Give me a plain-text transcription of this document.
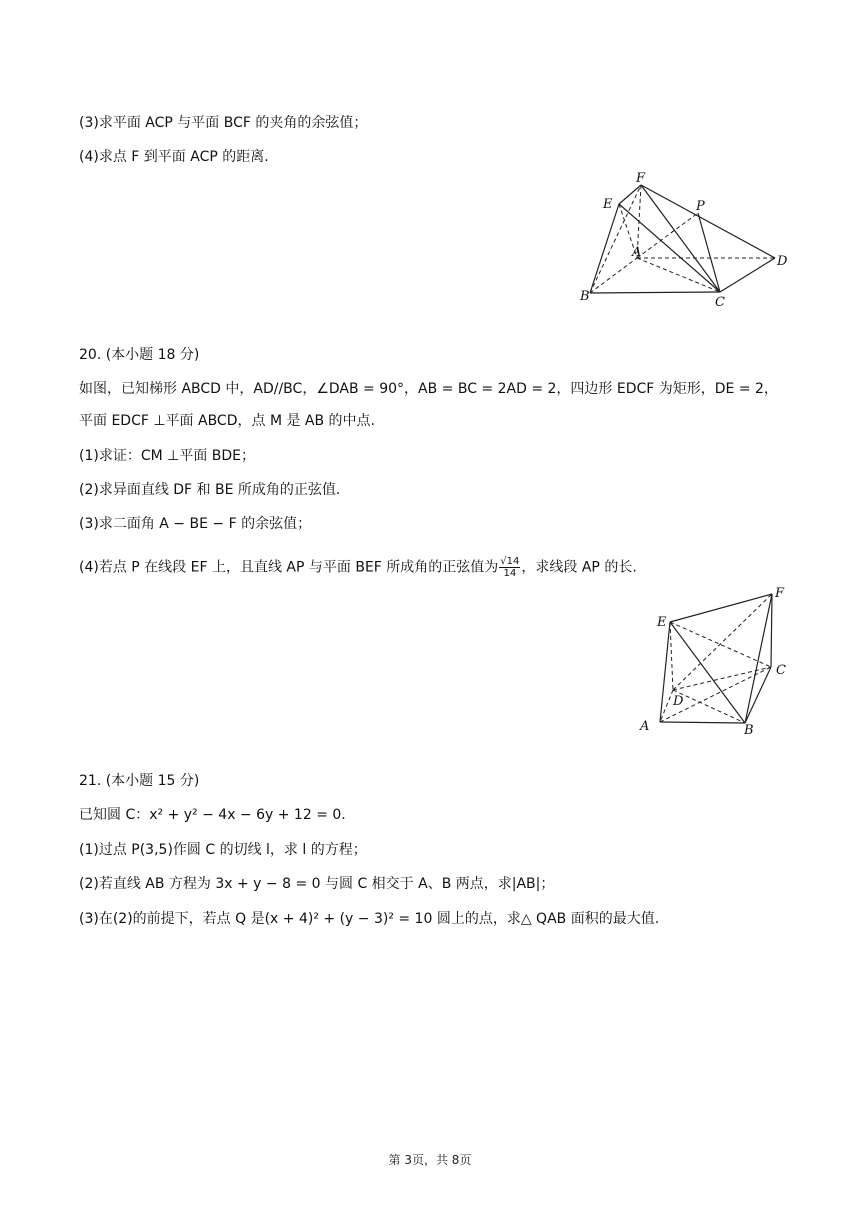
(3)求平面 ACP 与平面 BCF 的夹角的余弦值；
(4)求点 F 到平面 ACP 的距离.
F
E	P
A
D
B	C
20. (本小题 18 分)
如图，已知梯形 ABCD 中，AD//BC，∠DAB = 90°，AB = BC = 2AD = 2，四边形 EDCF 为矩形，DE = 2，
平面 EDCF ⊥平面 ABCD，点 M 是 AB 的中点.
(1)求证：CM ⊥平面 BDE；
(2)求异面直线 DF 和 BE 所成角的正弦值.
(3)求二面角 A − BE − F 的余弦值；
(4)若点 P 在线段 EF 上，且直线 AP 与平面 BEF 所成角的正弦值为 $\frac{√14}{14}$ ，求线段 AP 的长.
E
F
C
D
A	B
21. (本小题 15 分)
已知圆 C：x² + y² − 4x − 6y + 12 = 0.
(1)过点 P(3,5)作圆 C 的切线 l，求 l 的方程；
(2)若直线 AB 方程为 3x + y − 8 = 0 与圆 C 相交于 A、B 两点，求|AB|；
(3)在(2)的前提下，若点 Q 是(x + 4)² + (y − 3)² = 10 圆上的点，求△ QAB 面积的最大值.
第 3页，共 8页
